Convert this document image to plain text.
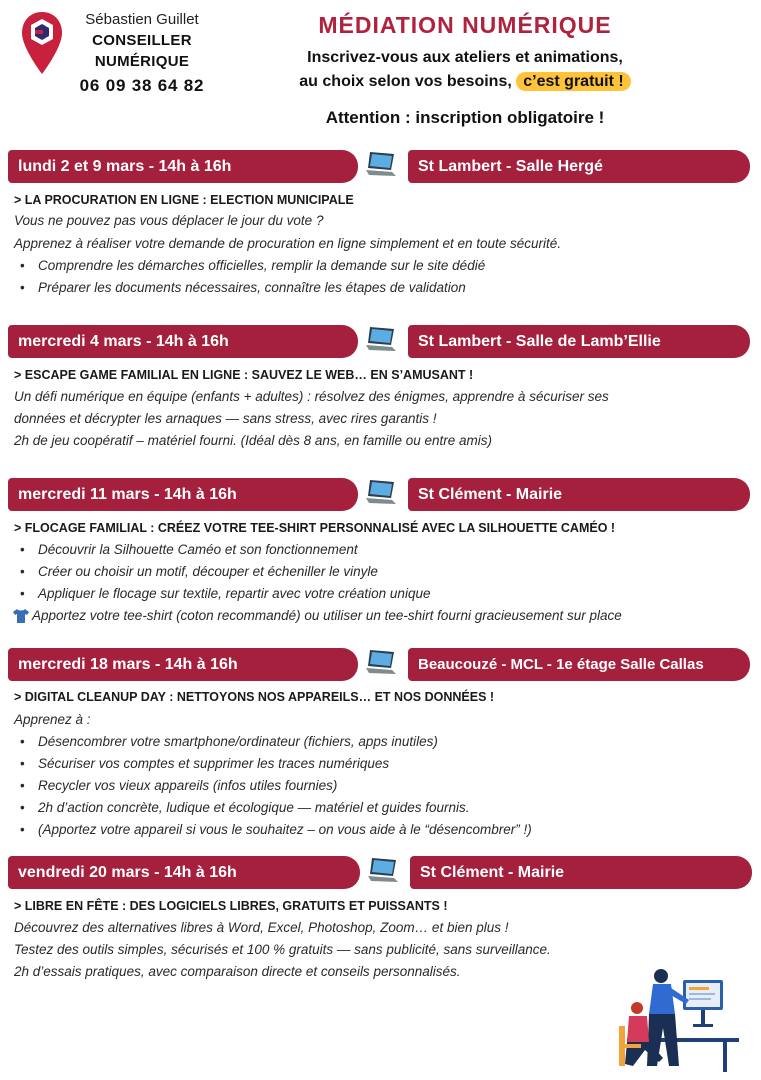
Sébastien Guillet
CONSEILLER
NUMÉRIQUE
06 09 38 64 82
MÉDIATION NUMÉRIQUE
Inscrivez-vous aux ateliers et animations,
au choix selon vos besoins, c’est gratuit !
Attention : inscription obligatoire !
lundi 2 et 9 mars - 14h à 16h	St Lambert - Salle Hergé
> LA PROCURATION EN LIGNE : ELECTION MUNICIPALE
Vous ne pouvez pas vous déplacer le jour du vote ?
Apprenez à réaliser votre demande de procuration en ligne simplement et en toute sécurité.
• Comprendre les démarches officielles, remplir la demande sur le site dédié
• Préparer les documents nécessaires, connaître les étapes de validation
mercredi 4 mars - 14h à 16h	St Lambert - Salle de Lamb’Ellie
> ESCAPE GAME FAMILIAL EN LIGNE : SAUVEZ LE WEB… EN S’AMUSANT !
Un défi numérique en équipe (enfants + adultes) : résolvez des énigmes, apprendre à sécuriser ses
données et décrypter les arnaques — sans stress, avec rires garantis !
2h de jeu coopératif – matériel fourni. (Idéal dès 8 ans, en famille ou entre amis)
mercredi 11 mars - 14h à 16h	St Clément - Mairie
> FLOCAGE FAMILIAL : CRÉEZ VOTRE TEE-SHIRT PERSONNALISÉ AVEC LA SILHOUETTE CAMÉO !
• Découvrir la Silhouette Caméo et son fonctionnement
• Créer ou choisir un motif, découper et écheniller le vinyle
• Appliquer le flocage sur textile, repartir avec votre création unique
Apportez votre tee-shirt (coton recommandé) ou utiliser un tee-shirt fourni gracieusement sur place
mercredi 18 mars - 14h à 16h	Beaucouzé - MCL - 1e étage Salle Callas
> DIGITAL CLEANUP DAY : NETTOYONS NOS APPAREILS… ET NOS DONNÉES !
Apprenez à :
• Désencombrer votre smartphone/ordinateur (fichiers, apps inutiles)
• Sécuriser vos comptes et supprimer les traces numériques
• Recycler vos vieux appareils (infos utiles fournies)
• 2h d’action concrète, ludique et écologique — matériel et guides fournis.
• (Apportez votre appareil si vous le souhaitez – on vous aide à le “désencombrer” !)
vendredi 20 mars - 14h à 16h	St Clément - Mairie
> LIBRE EN FÊTE : DES LOGICIELS LIBRES, GRATUITS ET PUISSANTS !
Découvrez des alternatives libres à Word, Excel, Photoshop, Zoom… et bien plus !
Testez des outils simples, sécurisés et 100 % gratuits — sans publicité, sans surveillance.
2h d’essais pratiques, avec comparaison directe et conseils personnalisés.
